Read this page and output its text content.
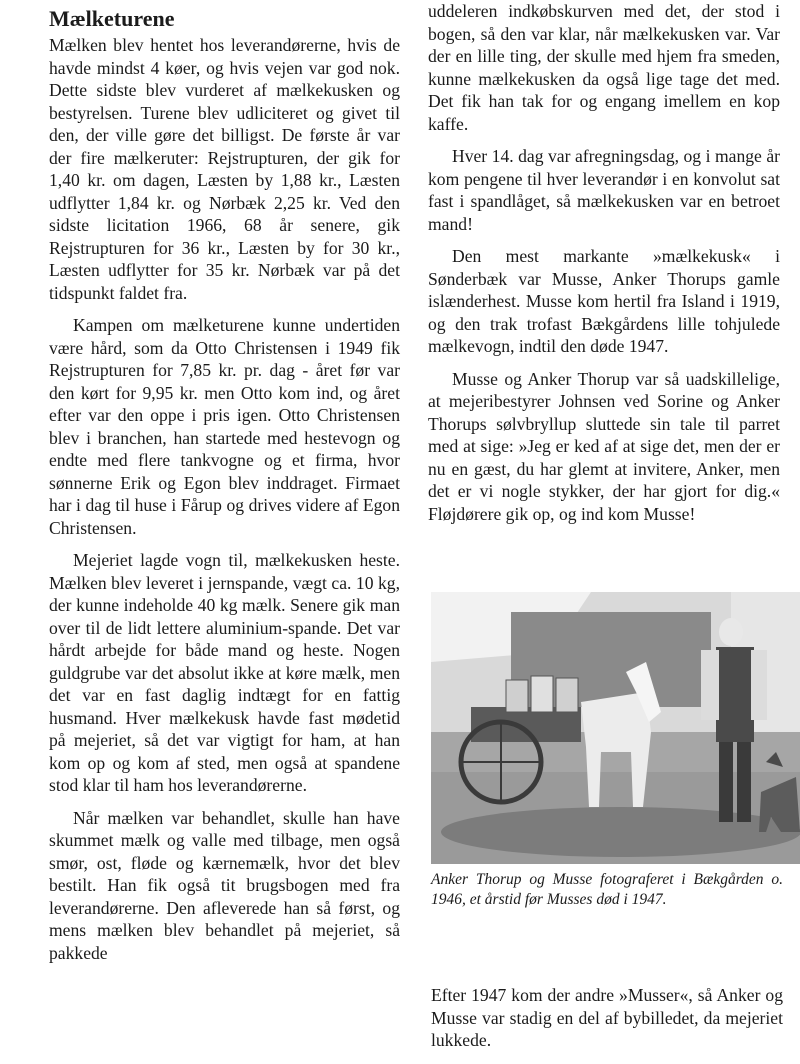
Mælketurene

Mælken blev hentet hos leverandørerne, hvis de havde mindst 4 køer, og hvis vejen var god nok. Dette sidste blev vurderet af mælkekusken og bestyrelsen. Turene blev udliciteret og givet til den, der ville gøre det billigst. De første år var der fire mælkeruter: Rejstrupturen, der gik for 1,40 kr. om dagen, Læsten by 1,88 kr., Læsten udflytter 1,84 kr. og Nørbæk 2,25 kr. Ved den sidste licitation 1966, 68 år senere, gik Rejstrupturen for 36 kr., Læsten by for 30 kr., Læsten udflytter for 35 kr. Nørbæk var på det tidspunkt faldet fra.

Kampen om mælketurene kunne undertiden være hård, som da Otto Christensen i 1949 fik Rejstrupturen for 7,85 kr. pr. dag - året før var den kørt for 9,95 kr. men Otto kom ind, og året efter var den oppe i pris igen. Otto Christensen blev i branchen, han startede med hestevogn og endte med flere tankvogne og et firma, hvor sønnerne Erik og Egon blev inddraget. Firmaet har i dag til huse i Fårup og drives videre af Egon Christensen.

Mejeriet lagde vogn til, mælkekusken heste. Mælken blev leveret i jernspande, vægt ca. 10 kg, der kunne indeholde 40 kg mælk. Senere gik man over til de lidt lettere aluminium-spande. Det var hårdt arbejde for både mand og heste. Nogen guldgrube var det absolut ikke at køre mælk, men det var en fast daglig indtægt for en fattig husmand. Hver mælkekusk havde fast mødetid på mejeriet, så det var vigtigt for ham, at han kom op og kom af sted, men også at spandene stod klar til ham hos leverandørerne.

Når mælken var behandlet, skulle han have skummet mælk og valle med tilbage, men også smør, ost, fløde og kærnemælk, hvor det blev bestilt. Han fik også tit brugsbogen med fra leverandørerne. Den afleverede han så først, og mens mælken blev behandlet på mejeriet, så pakkede

uddeleren indkøbskurven med det, der stod i bogen, så den var klar, når mælkekusken var. Var der en lille ting, der skulle med hjem fra smeden, kunne mælkekusken da også lige tage det med. Det fik han tak for og engang imellem en kop kaffe.

Hver 14. dag var afregningsdag, og i mange år kom pengene til hver leverandør i en konvolut sat fast i spandlåget, så mælkekusken var en betroet mand!

Den mest markante »mælkekusk« i Sønderbæk var Musse, Anker Thorups gamle islænderhest. Musse kom hertil fra Island i 1919, og den trak trofast Bækgårdens lille tohjulede mælkevogn, indtil den døde 1947.

Musse og Anker Thorup var så uadskillelige, at mejeribestyrer Johnsen ved Sorine og Anker Thorups sølvbryllup sluttede sin tale til parret med at sige: »Jeg er ked af at sige det, men der er nu en gæst, du har glemt at invitere, Anker, men det er vi nogle stykker, der har gjort for dig.« Fløjdørere gik op, og ind kom Musse!

Anker Thorup og Musse fotograferet i Bækgården o. 1946, et årstid før Musses død i 1947.

Efter 1947 kom der andre »Musser«, så Anker og Musse var stadig en del af bybilledet, da mejeriet lukkede.
